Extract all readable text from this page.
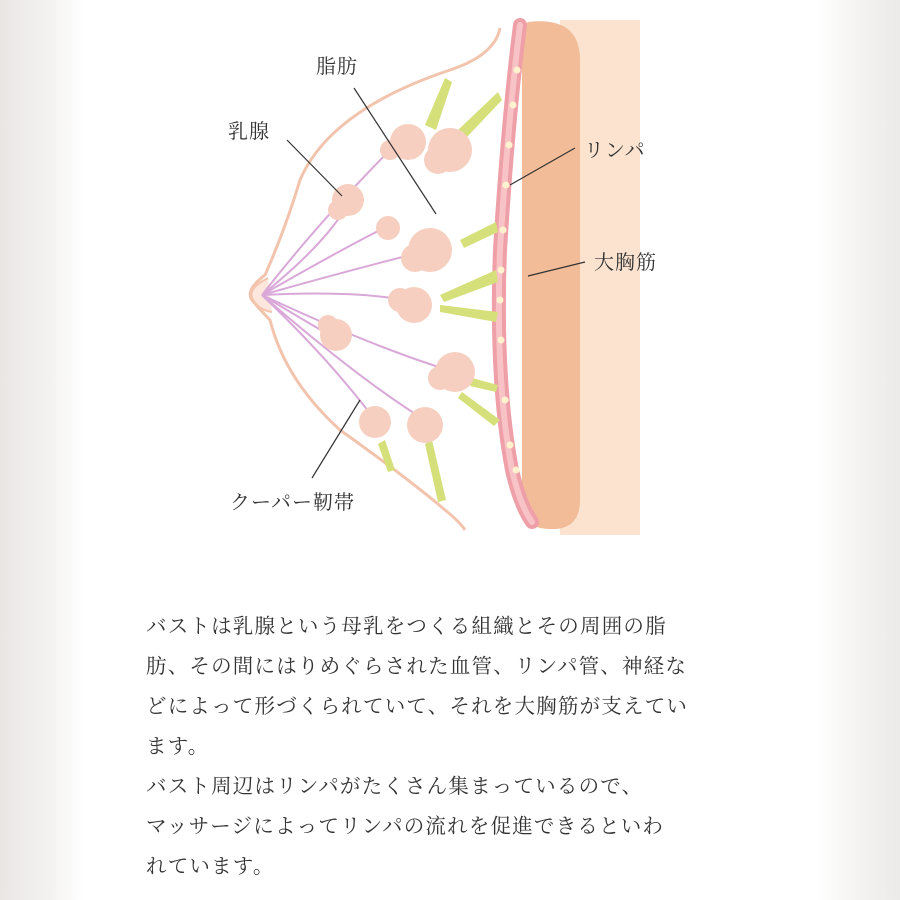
脂肪
乳腺
リンパ
大胸筋
クーパー靭帯
バストは乳腺という母乳をつくる組織とその周囲の脂
肪、その間にはりめぐらされた血管、リンパ管、神経な
どによって形づくられていて、それを大胸筋が支えてい
ます。
バスト周辺はリンパがたくさん集まっているので、
マッサージによってリンパの流れを促進できるといわ
れています。
